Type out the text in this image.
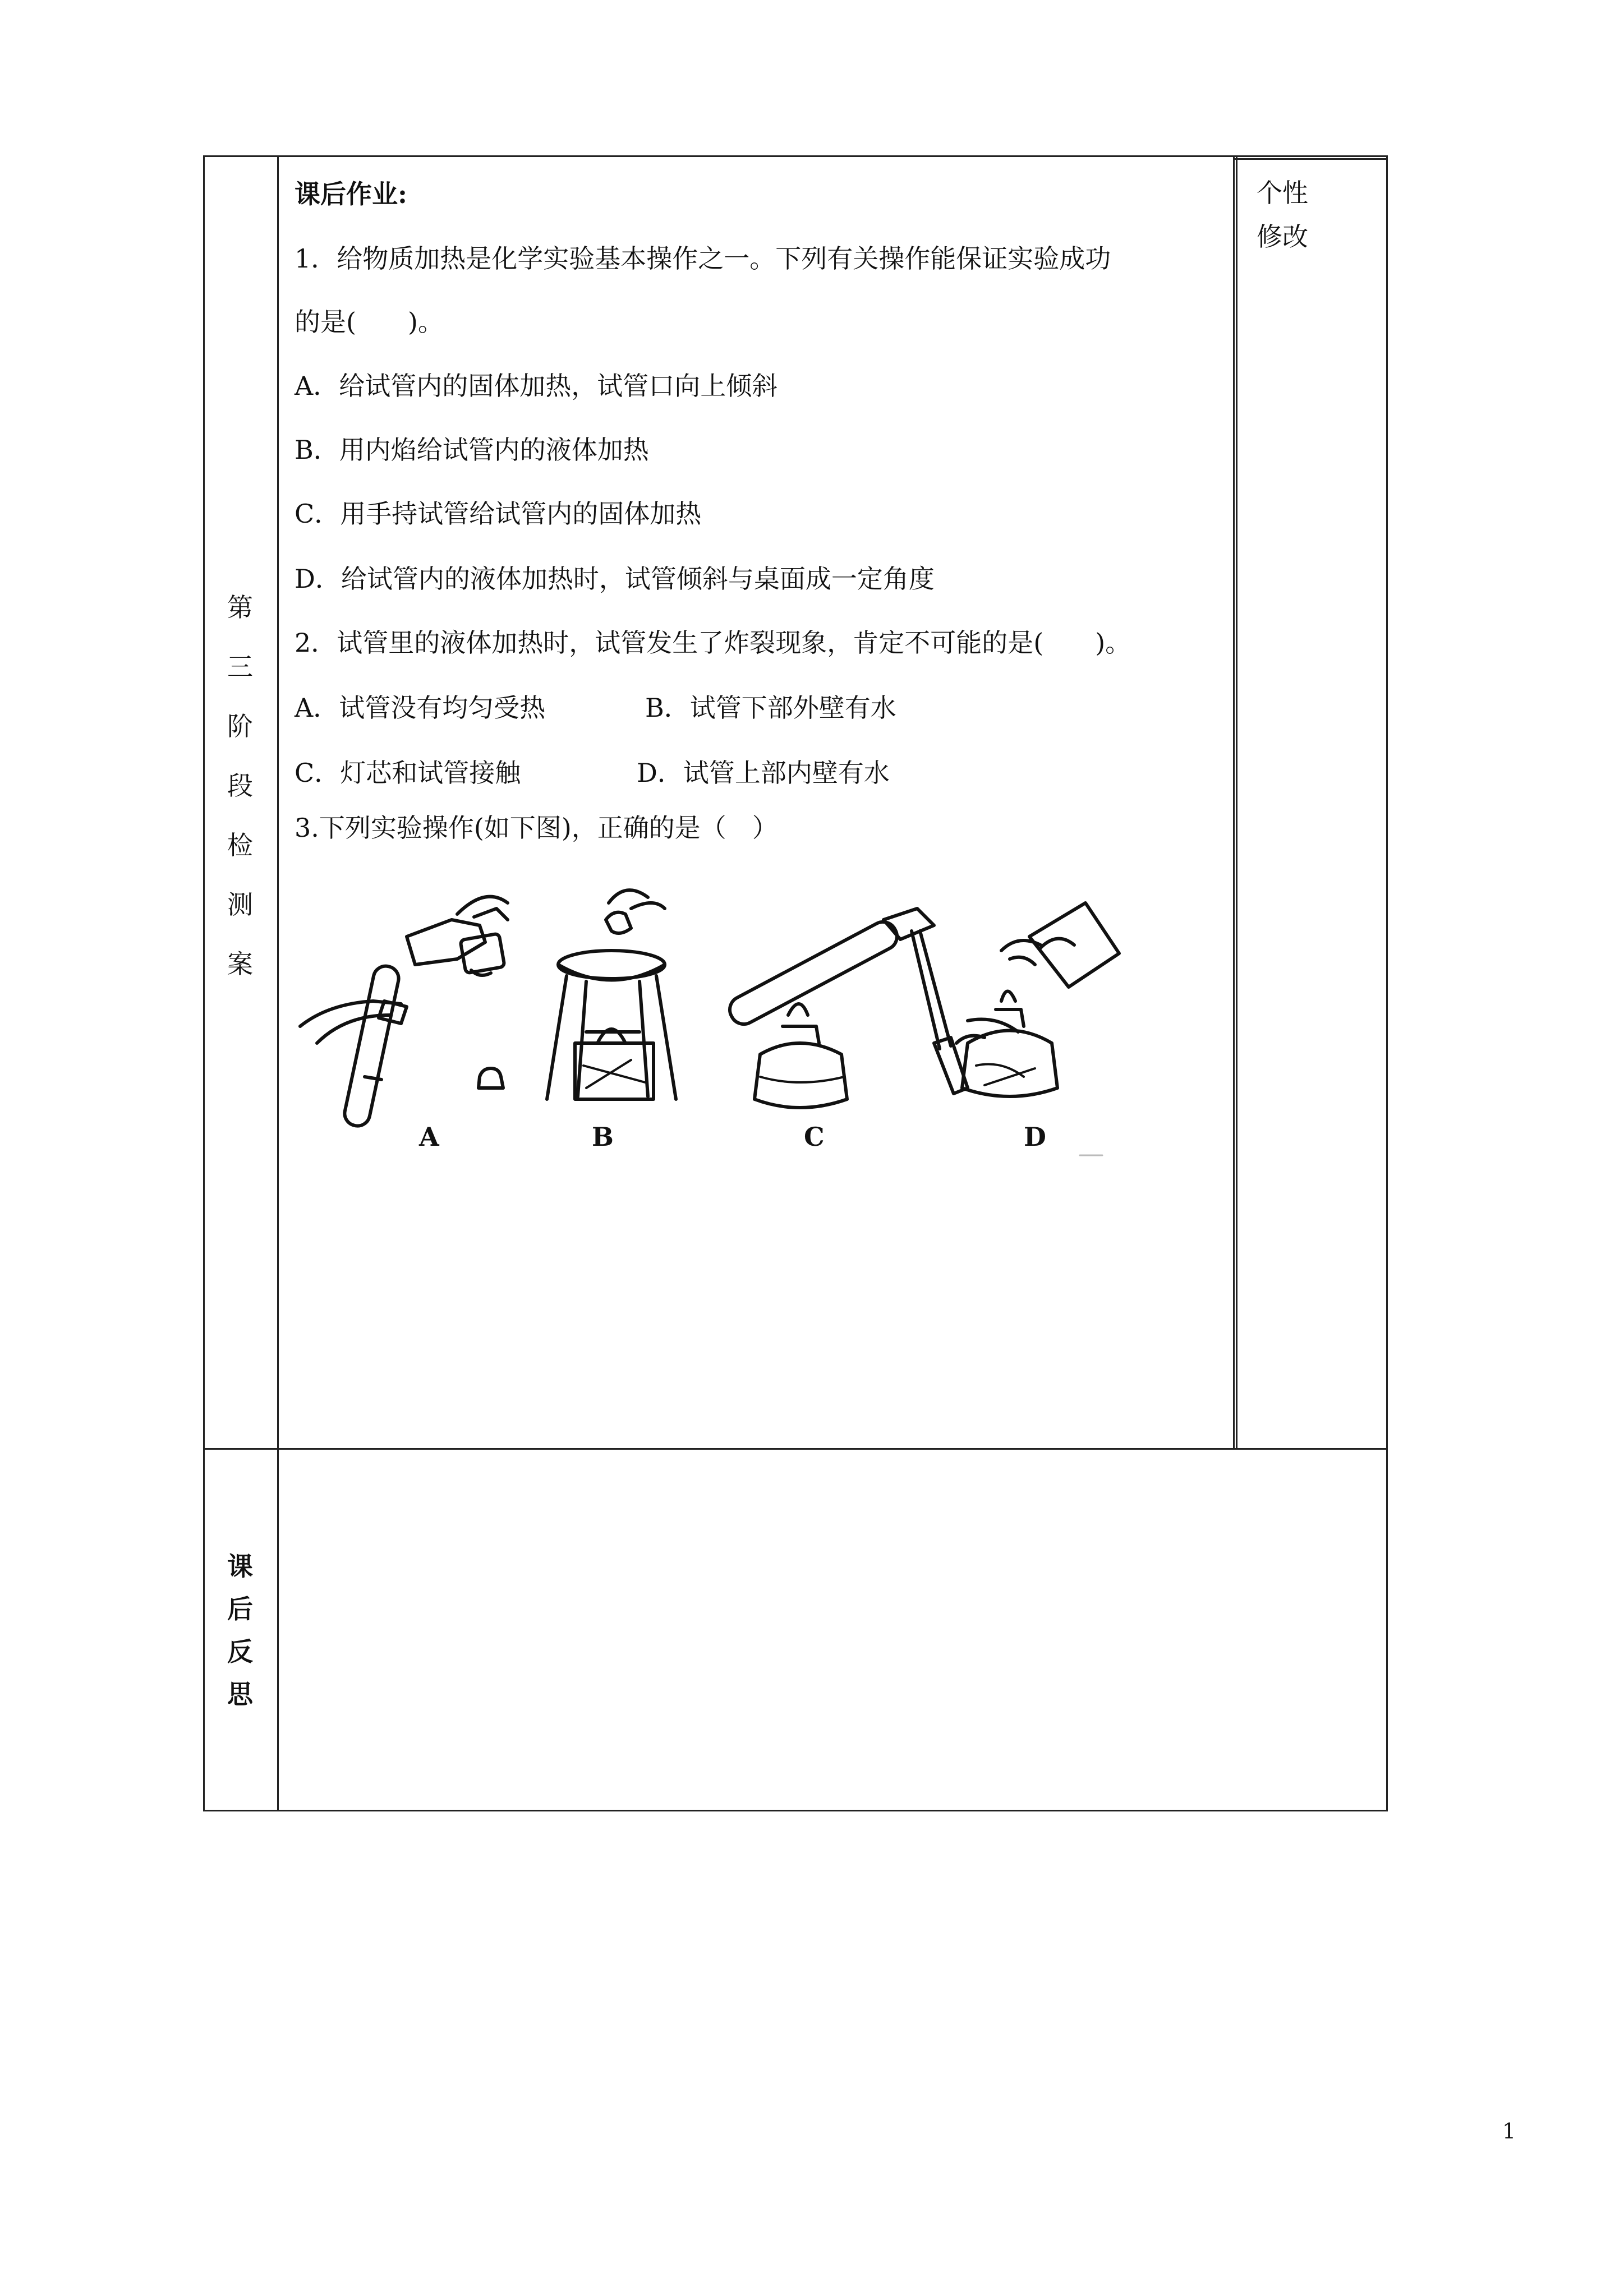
第
三
阶
段
检
测
案
课
后
反
思
个性
修改
课后作业:
1．给物质加热是化学实验基本操作之一。下列有关操作能保证实验成功
的是(　　)。
A．给试管内的固体加热，试管口向上倾斜
B．用内焰给试管内的液体加热
C．用手持试管给试管内的固体加热
D．给试管内的液体加热时，试管倾斜与桌面成一定角度
2．试管里的液体加热时，试管发生了炸裂现象，肯定不可能的是(　　)。
A．试管没有均匀受热	B．试管下部外壁有水
C．灯芯和试管接触	D．试管上部内壁有水
3.下列实验操作(如下图)，正确的是（　）
A	B	C	D
1
